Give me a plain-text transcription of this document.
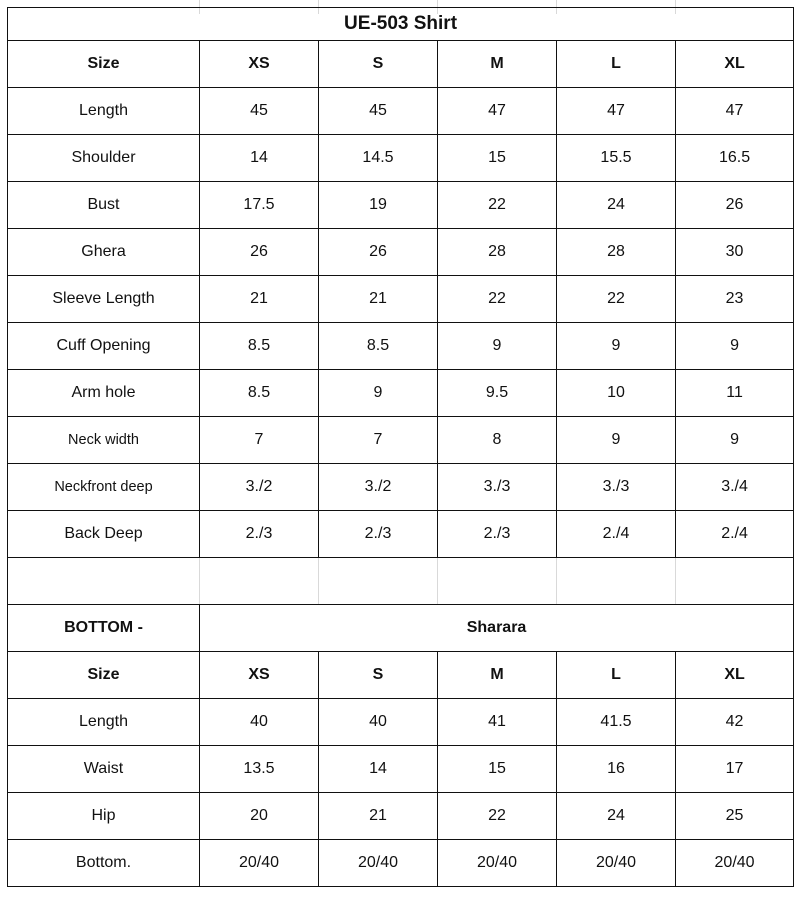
UE-503 Shirt					
Size	XS	S	M	L	XL
Length	45	45	47	47	47
Shoulder	14	14.5	15	15.5	16.5
Bust	17.5	19	22	24	26
Ghera	26	26	28	28	30
Sleeve Length	21	21	22	22	23
Cuff Opening	8.5	8.5	9	9	9
Arm hole	8.5	9	9.5	10	11
Neck width	7	7	8	9	9
Neckfront deep	3./2	3./2	3./3	3./3	3./4
Back Deep	2./3	2./3	2./3	2./4	2./4

BOTTOM -	Sharara				
Size	XS	S	M	L	XL
Length	40	40	41	41.5	42
Waist	13.5	14	15	16	17
Hip	20	21	22	24	25
Bottom.	20/40	20/40	20/40	20/40	20/40
